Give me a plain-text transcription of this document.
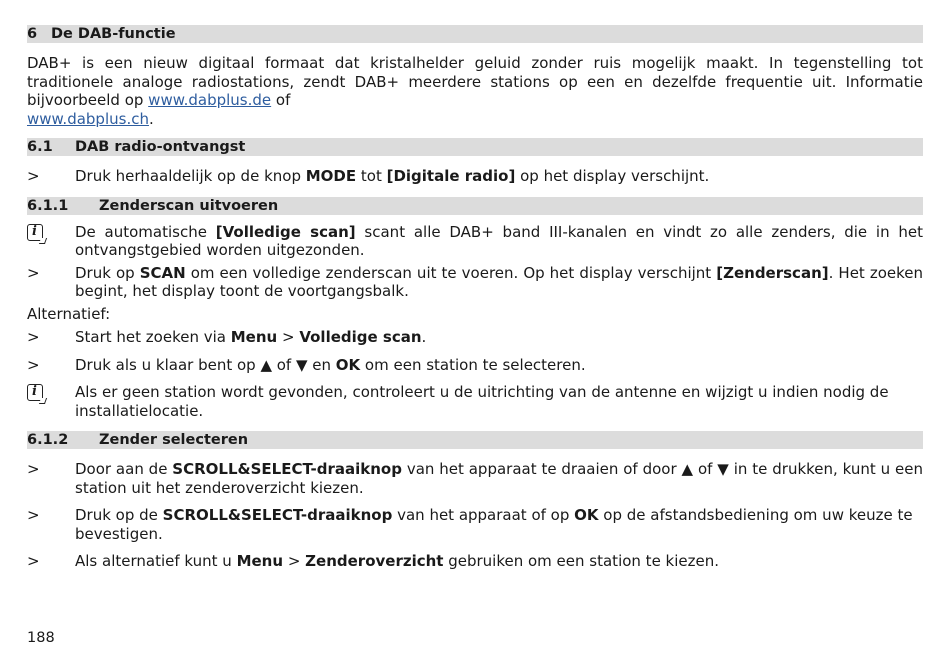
6 De DAB-functie

DAB+ is een nieuw digitaal formaat dat kristalhelder geluid zonder ruis mogelijk maakt. In tegenstelling tot traditionele analoge radiostations, zendt DAB+ meerdere stations op een en dezelfde frequentie uit. Informatie bijvoorbeeld op www.dabplus.de of
www.dabplus.ch.

6.1	DAB radio-ontvangst
>	Druk herhaaldelijk op de knop MODE tot [Digitale radio] op het display verschijnt.
6.1.1	Zenderscan uitvoeren
i
De automatische [Volledige scan] scant alle DAB+ band III-kanalen en vindt zo alle zenders, die in het ontvangstgebied worden uitgezonden.
>	Druk op SCAN om een volledige zenderscan uit te voeren. Op het display verschijnt [Zenderscan]. Het zoeken begint, het display toont de voortgangsbalk.

Alternatief:

>	Start het zoeken via Menu > Volledige scan.
>	Druk als u klaar bent op ▲ of ▼ en OK om een station te selecteren.
i
Als er geen station wordt gevonden, controleert u de uitrichting van de antenne en wijzigt u indien nodig de installatielocatie.
6.1.2	Zender selecteren
>	Door aan de SCROLL&SELECT-draaiknop van het apparaat te draaien of door ▲ of ▼ in te drukken, kunt u een station uit het zenderoverzicht kiezen.
>	Druk op de SCROLL&SELECT-draaiknop van het apparaat of op OK op de afstandsbediening om uw keuze te bevestigen.
>	Als alternatief kunt u Menu > Zenderoverzicht gebruiken om een station te kiezen.
188
